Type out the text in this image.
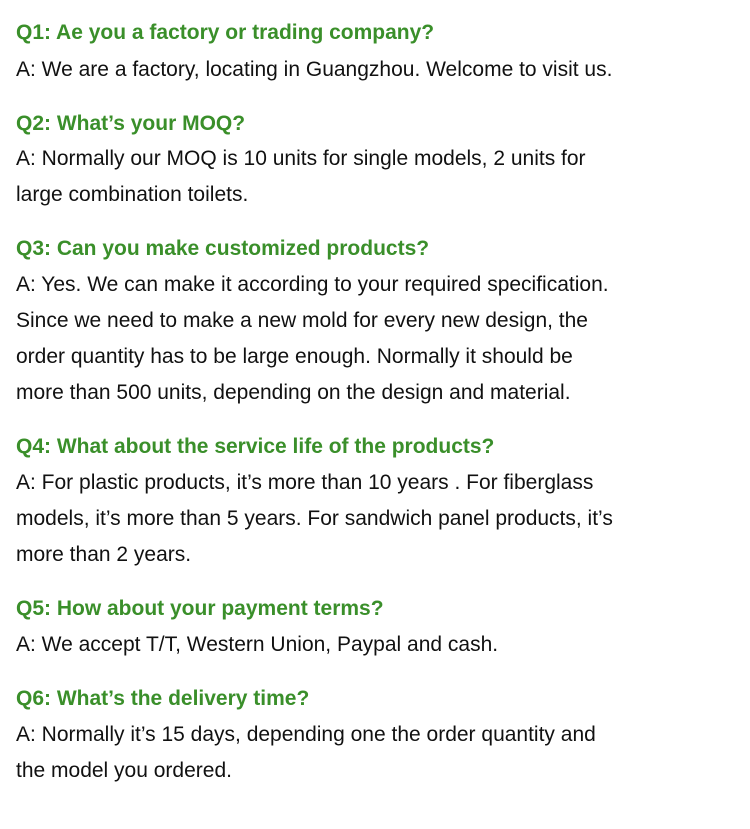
Q1: Ae you a factory or trading company?

A: We are a factory, locating in Guangzhou. Welcome to visit us.

Q2: What’s your MOQ?

A: Normally our MOQ is 10 units for single models, 2 units for
large combination toilets.

Q3: Can you make customized products?

A: Yes. We can make it according to your required specification.
Since we need to make a new mold for every new design, the
order quantity has to be large enough. Normally it should be
more than 500 units, depending on the design and material.

Q4: What about the service life of the products?

A: For plastic products, it’s more than 10 years . For fiberglass
models, it’s more than 5 years. For sandwich panel products, it’s
more than 2 years.

Q5: How about your payment terms?

A: We accept T/T, Western Union, Paypal and cash.

Q6: What’s the delivery time?

A: Normally it’s 15 days, depending one the order quantity and
the model you ordered.
